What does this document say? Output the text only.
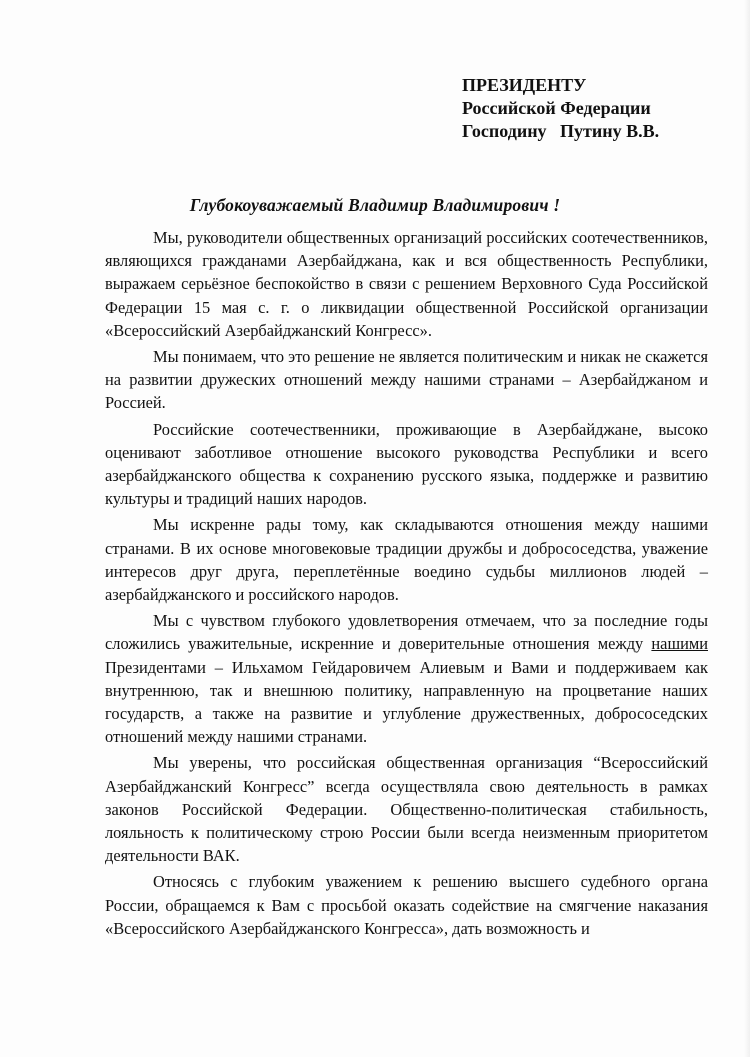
ПРЕЗИДЕНТУ
Российской Федерации
Господину   Путину В.В.
Глубокоуважаемый Владимир Владимирович !

Мы, руководители общественных организаций российских соотечественников, являющихся гражданами Азербайджана, как и вся общественность Республики, выражаем серьёзное беспокойство в связи с решением Верховного Суда Российской Федерации 15 мая с. г. о ликвидации общественной Российской организации «Всероссийский Азербайджанский Конгресс».

Мы понимаем, что это решение не является политическим и никак не скажется на развитии дружеских отношений между нашими странами – Азербайджаном и Россией.

Российские соотечественники, проживающие в Азербайджане, высоко оценивают заботливое отношение высокого руководства Республики и всего азербайджанского общества к сохранению русского языка, поддержке и развитию культуры и традиций наших народов.

Мы искренне рады тому, как складываются отношения между нашими странами. В их основе многовековые традиции дружбы и добрососедства, уважение интересов друг друга, переплетённые воедино судьбы миллионов людей – азербайджанского и российского народов.

Мы с чувством глубокого удовлетворения отмечаем, что за последние годы сложились уважительные, искренние и доверительные отношения между нашими Президентами – Ильхамом Гейдаровичем Алиевым и Вами и поддерживаем как внутреннюю, так и внешнюю политику, направленную на процветание наших государств, а также на развитие и углубление дружественных, добрососедских отношений между нашими странами.

Мы уверены, что российская общественная организация “Всероссийский Азербайджанский Конгресс” всегда осуществляла свою деятельность в рамках законов Российской Федерации. Общественно-политическая стабильность, лояльность к политическому строю России были всегда неизменным приоритетом деятельности ВАК.

Относясь с глубоким уважением к решению высшего судебного органа России, обращаемся к Вам с просьбой оказать содействие на смягчение наказания «Всероссийского Азербайджанского Конгресса», дать возможность и
